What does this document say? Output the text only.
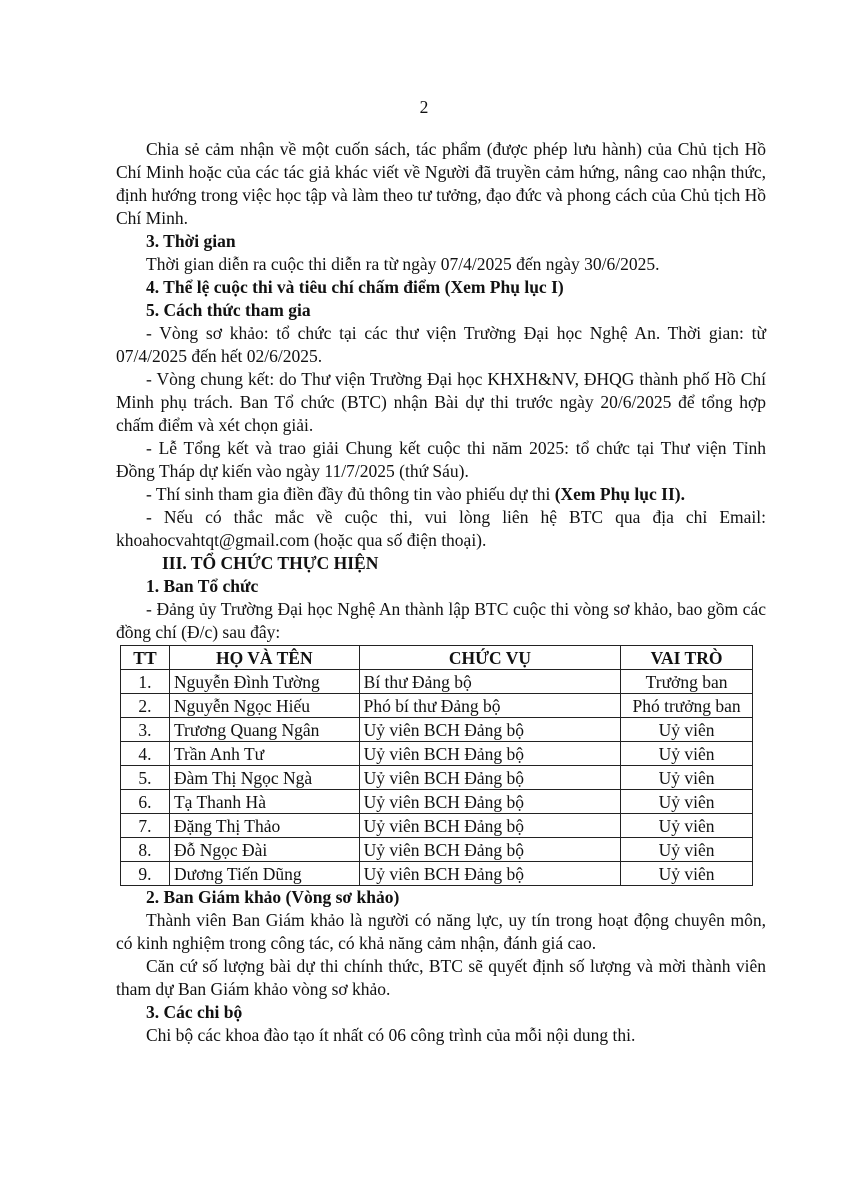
2

Chia sẻ cảm nhận về một cuốn sách, tác phẩm (được phép lưu hành) của Chủ tịch Hồ Chí Minh hoặc của các tác giả khác viết về Người đã truyền cảm hứng, nâng cao nhận thức, định hướng trong việc học tập và làm theo tư tưởng, đạo đức và phong cách của Chủ tịch Hồ Chí Minh.

3. Thời gian

Thời gian diễn ra cuộc thi diễn ra từ ngày 07/4/2025 đến ngày 30/6/2025.

4. Thể lệ cuộc thi và tiêu chí chấm điểm (Xem Phụ lục I)

5. Cách thức tham gia

- Vòng sơ khảo: tổ chức tại các thư viện Trường Đại học Nghệ An. Thời gian: từ 07/4/2025 đến hết 02/6/2025.

- Vòng chung kết: do Thư viện Trường Đại học KHXH&NV, ĐHQG thành phố Hồ Chí Minh phụ trách. Ban Tổ chức (BTC) nhận Bài dự thi trước ngày 20/6/2025 để tổng hợp chấm điểm và xét chọn giải.

- Lễ Tổng kết và trao giải Chung kết cuộc thi năm 2025: tổ chức tại Thư viện Tỉnh Đồng Tháp dự kiến vào ngày 11/7/2025 (thứ Sáu).

- Thí sinh tham gia điền đầy đủ thông tin vào phiếu dự thi (Xem Phụ lục II).

- Nếu có thắc mắc về cuộc thi, vui lòng liên hệ BTC qua địa chỉ Email: khoahocvahtqt@gmail.com (hoặc qua số điện thoại).

III. TỔ CHỨC THỰC HIỆN

1. Ban Tổ chức

- Đảng ủy Trường Đại học Nghệ An thành lập BTC cuộc thi vòng sơ khảo, bao gồm các đồng chí (Đ/c) sau đây:

TT	HỌ VÀ TÊN	CHỨC VỤ	VAI TRÒ
1.	Nguyễn Đình Tường	Bí thư Đảng bộ	Trưởng ban
2.	Nguyễn Ngọc Hiếu	Phó bí thư Đảng bộ	Phó trưởng ban
3.	Trương Quang Ngân	Uỷ viên BCH Đảng bộ	Uỷ viên
4.	Trần Anh Tư	Uỷ viên BCH Đảng bộ	Uỷ viên
5.	Đàm Thị Ngọc Ngà	Uỷ viên BCH Đảng bộ	Uỷ viên
6.	Tạ Thanh Hà	Uỷ viên BCH Đảng bộ	Uỷ viên
7.	Đặng Thị Thảo	Uỷ viên BCH Đảng bộ	Uỷ viên
8.	Đỗ Ngọc Đài	Uỷ viên BCH Đảng bộ	Uỷ viên
9.	Dương Tiến Dũng	Uỷ viên BCH Đảng bộ	Uỷ viên

2. Ban Giám khảo (Vòng sơ khảo)

Thành viên Ban Giám khảo là người có năng lực, uy tín trong hoạt động chuyên môn, có kinh nghiệm trong công tác, có khả năng cảm nhận, đánh giá cao.

Căn cứ số lượng bài dự thi chính thức, BTC sẽ quyết định số lượng và mời thành viên tham dự Ban Giám khảo vòng sơ khảo.

3. Các chi bộ

Chi bộ các khoa đào tạo ít nhất có 06 công trình của mỗi nội dung thi.
